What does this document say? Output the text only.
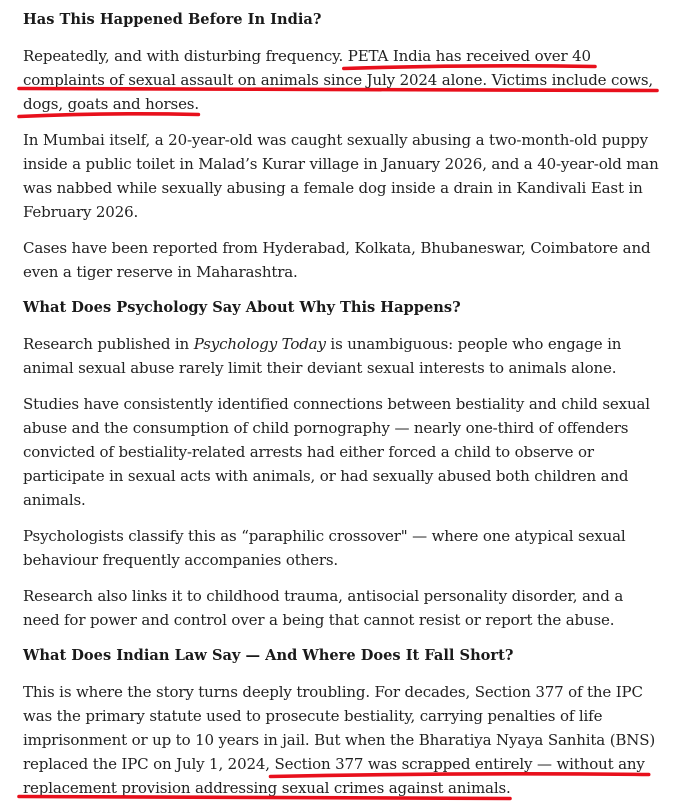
Has This Happened Before In India?

Repeatedly, and with disturbing frequency. PETA India has received over 40 complaints of sexual assault on animals since July 2024 alone. Victims include cows, dogs, goats and horses.

In Mumbai itself, a 20-year-old was caught sexually abusing a two-month-old puppy inside a public toilet in Malad’s Kurar village in January 2026, and a 40-year-old man was nabbed while sexually abusing a female dog inside a drain in Kandivali East in February 2026.

Cases have been reported from Hyderabad, Kolkata, Bhubaneswar, Coimbatore and even a tiger reserve in Maharashtra.

What Does Psychology Say About Why This Happens?

Research published in Psychology Today is unambiguous: people who engage in animal sexual abuse rarely limit their deviant sexual interests to animals alone.

Studies have consistently identified connections between bestiality and child sexual abuse and the consumption of child pornography — nearly one-third of offenders convicted of bestiality-related arrests had either forced a child to observe or participate in sexual acts with animals, or had sexually abused both children and animals.

Psychologists classify this as “paraphilic crossover" — where one atypical sexual behaviour frequently accompanies others.

Research also links it to childhood trauma, antisocial personality disorder, and a need for power and control over a being that cannot resist or report the abuse.

What Does Indian Law Say — And Where Does It Fall Short?

This is where the story turns deeply troubling. For decades, Section 377 of the IPC was the primary statute used to prosecute bestiality, carrying penalties of life imprisonment or up to 10 years in jail. But when the Bharatiya Nyaya Sanhita (BNS) replaced the IPC on July 1, 2024, Section 377 was scrapped entirely — without any replacement provision addressing sexual crimes against animals.
